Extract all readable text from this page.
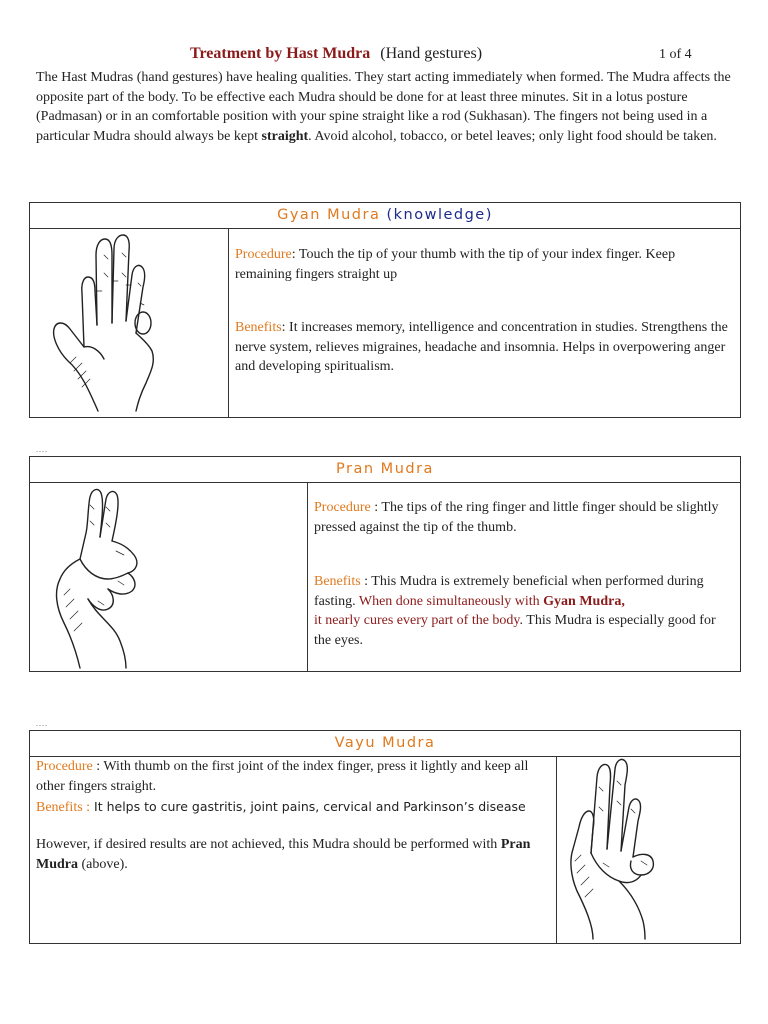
Treatment by Hast Mudra (Hand gestures)	1 of 4
The Hast Mudras (hand gestures) have healing qualities. They start acting immediately when formed. The Mudra affects the opposite part of the body. To be effective each Mudra should be done for at least three minutes. Sit in a lotus posture (Padmasan) or in an comfortable position with your spine straight like a rod (Sukhasan). The fingers not being used in a particular Mudra should always be kept straight. Avoid alcohol, tobacco, or betel leaves; only light food should be taken.
Gyan Mudra (knowledge)
Procedure: Touch the tip of your thumb with the tip of your index finger. Keep remaining fingers straight up
Benefits: It increases memory, intelligence and concentration in studies. Strengthens the nerve system, relieves migraines, headache and insomnia. Helps in overpowering anger and developing spiritualism.
....
Pran Mudra
Procedure : The tips of the ring finger and little finger should be slightly pressed against the tip of the thumb.
Benefits : This Mudra is extremely beneficial when performed during fasting. When done simultaneously with Gyan Mudra,
it nearly cures every part of the body. This Mudra is especially good for the eyes.
....
Vayu Mudra
Procedure : With thumb on the first joint of the index finger, press it lightly and keep all other fingers straight.
Benefits : It helps to cure gastritis, joint pains, cervical and Parkinson’s disease
However, if desired results are not achieved, this Mudra should be performed with Pran Mudra (above).
